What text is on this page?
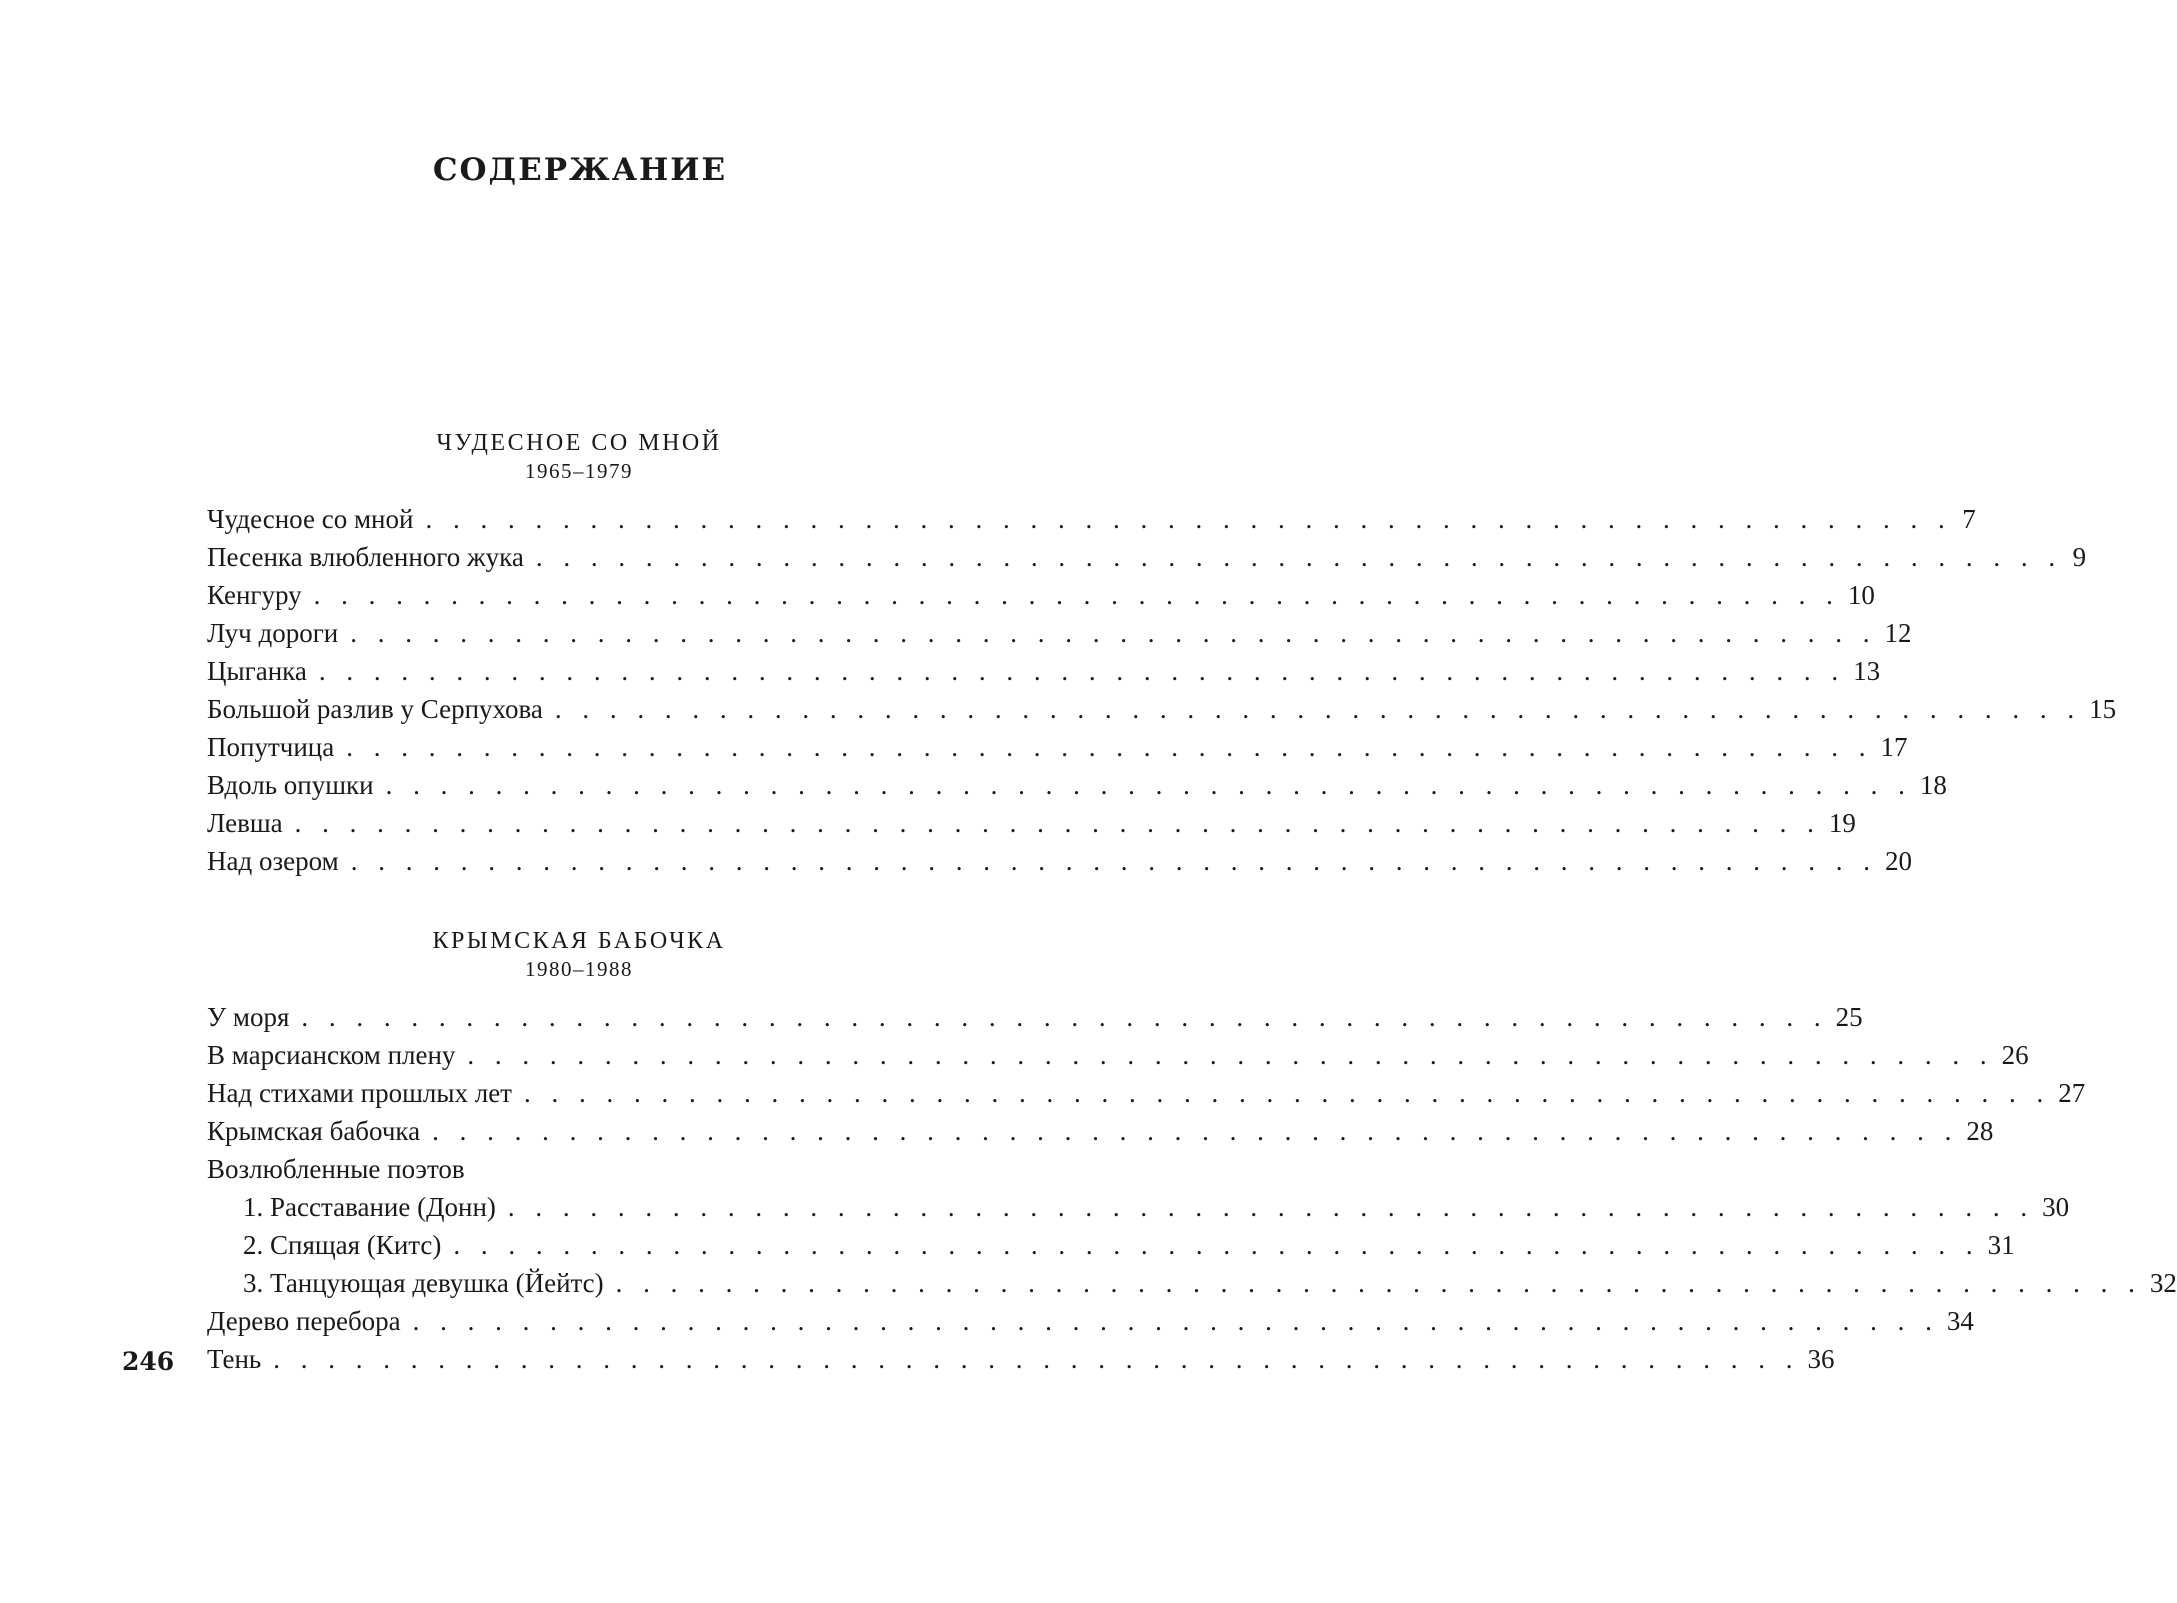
СОДЕРЖАНИЕ
ЧУДЕСНОЕ СО МНОЙ
1965–1979
Чудесное со мной . . . . . . . . . . . . . . . . . . . . . . . . . . . . . . . . . . . . . . . . . . . . . . . . . . . . . . . . 7
Песенка влюбленного жука . . . . . . . . . . . . . . . . . . . . . . . . . . . . . . . . . . . . . . . . . . . . . . . . . . . . . . . . 9
Кенгуру . . . . . . . . . . . . . . . . . . . . . . . . . . . . . . . . . . . . . . . . . . . . . . . . . . . . . . . . 10
Луч дороги . . . . . . . . . . . . . . . . . . . . . . . . . . . . . . . . . . . . . . . . . . . . . . . . . . . . . . . . 12
Цыганка . . . . . . . . . . . . . . . . . . . . . . . . . . . . . . . . . . . . . . . . . . . . . . . . . . . . . . . . 13
Большой разлив у Серпухова . . . . . . . . . . . . . . . . . . . . . . . . . . . . . . . . . . . . . . . . . . . . . . . . . . . . . . . . 15
Попутчица . . . . . . . . . . . . . . . . . . . . . . . . . . . . . . . . . . . . . . . . . . . . . . . . . . . . . . . . 17
Вдоль опушки . . . . . . . . . . . . . . . . . . . . . . . . . . . . . . . . . . . . . . . . . . . . . . . . . . . . . . . . 18
Левша . . . . . . . . . . . . . . . . . . . . . . . . . . . . . . . . . . . . . . . . . . . . . . . . . . . . . . . . 19
Над озером . . . . . . . . . . . . . . . . . . . . . . . . . . . . . . . . . . . . . . . . . . . . . . . . . . . . . . . . 20
КРЫМСКАЯ БАБОЧКА
1980–1988
У моря . . . . . . . . . . . . . . . . . . . . . . . . . . . . . . . . . . . . . . . . . . . . . . . . . . . . . . . . 25
В марсианском плену . . . . . . . . . . . . . . . . . . . . . . . . . . . . . . . . . . . . . . . . . . . . . . . . . . . . . . . . 26
Над стихами прошлых лет . . . . . . . . . . . . . . . . . . . . . . . . . . . . . . . . . . . . . . . . . . . . . . . . . . . . . . . . 27
Крымская бабочка . . . . . . . . . . . . . . . . . . . . . . . . . . . . . . . . . . . . . . . . . . . . . . . . . . . . . . . . 28
Возлюбленные поэтов
1. Расставание (Донн) . . . . . . . . . . . . . . . . . . . . . . . . . . . . . . . . . . . . . . . . . . . . . . . . . . . . . . . . 30
2. Спящая (Китс) . . . . . . . . . . . . . . . . . . . . . . . . . . . . . . . . . . . . . . . . . . . . . . . . . . . . . . . . 31
3. Танцующая девушка (Йейтс) . . . . . . . . . . . . . . . . . . . . . . . . . . . . . . . . . . . . . . . . . . . . . . . . . . . . . . . . 32
Дерево перебора . . . . . . . . . . . . . . . . . . . . . . . . . . . . . . . . . . . . . . . . . . . . . . . . . . . . . . . . 34
Тень . . . . . . . . . . . . . . . . . . . . . . . . . . . . . . . . . . . . . . . . . . . . . . . . . . . . . . . . 36
246
